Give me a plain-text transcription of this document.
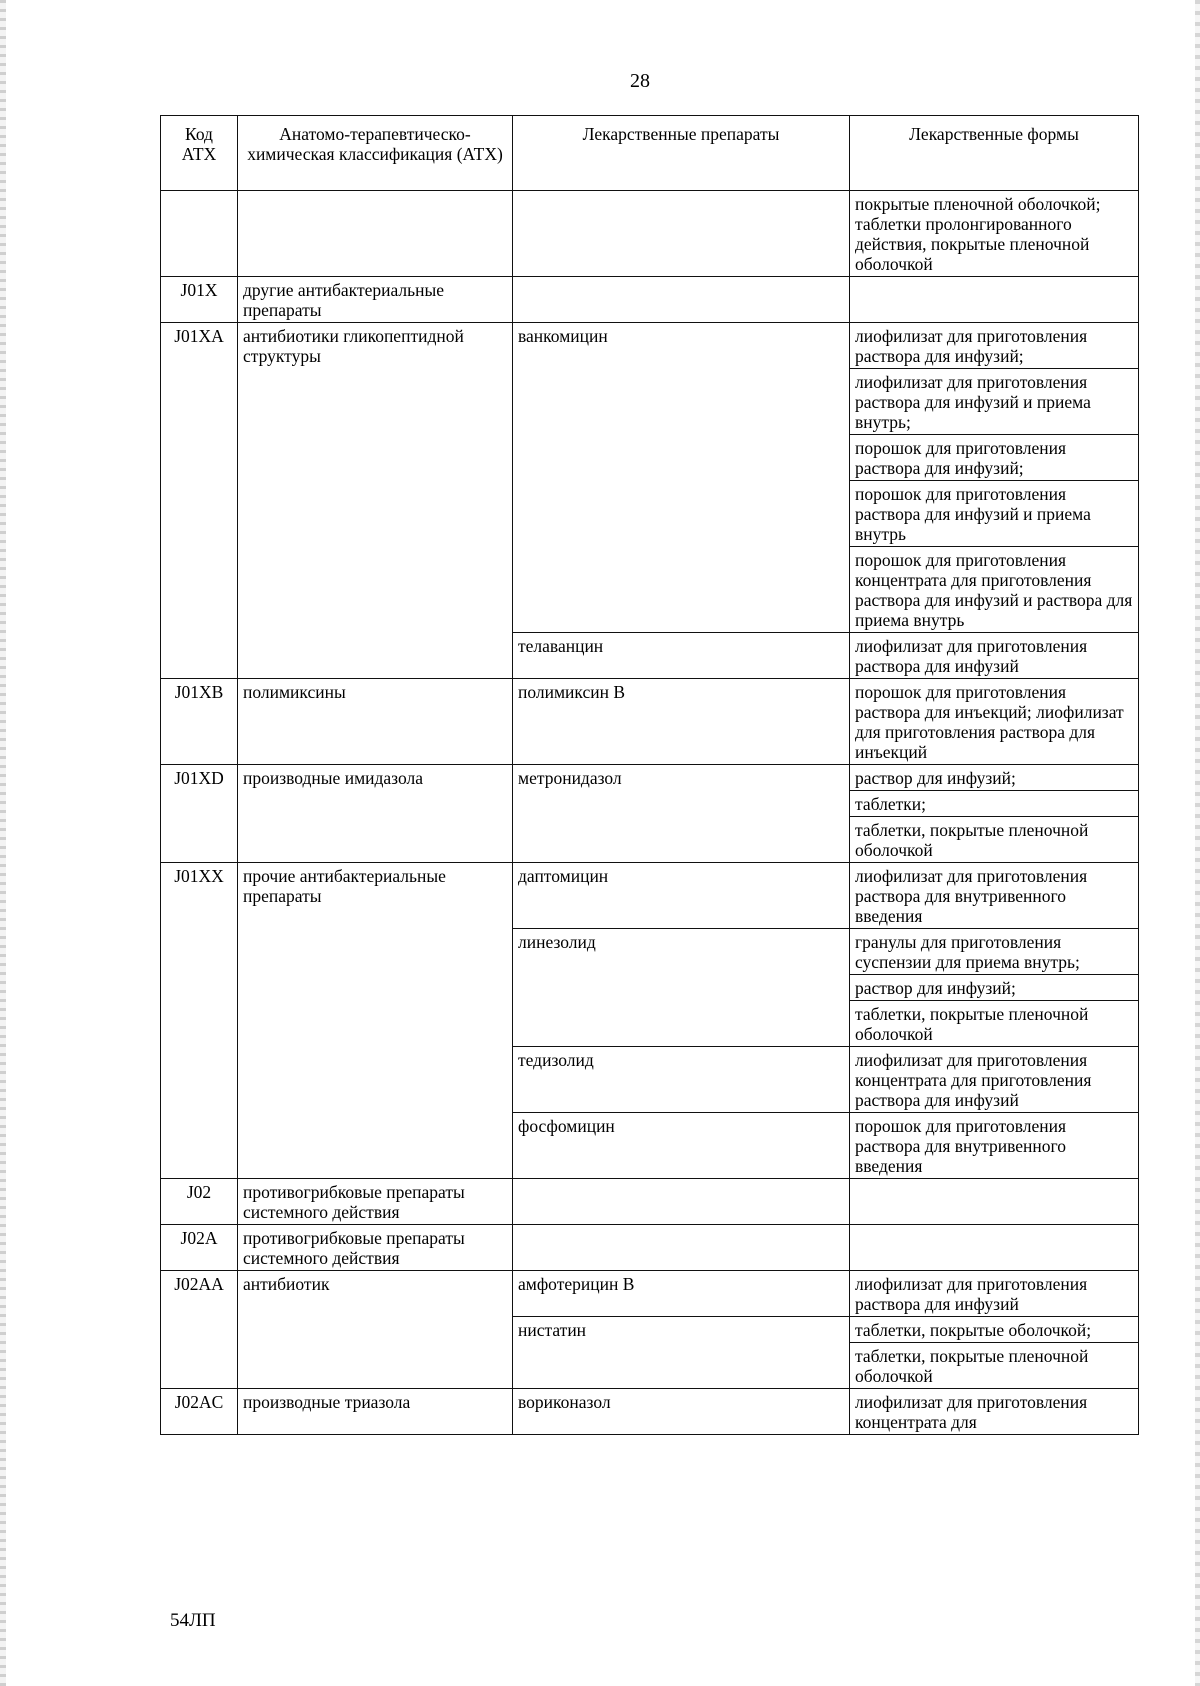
28
Код АТХ	Анатомо-терапевтическо-химическая классификация (АТХ)	Лекарственные препараты	Лекарственные формы
			покрытые пленочной оболочкой; таблетки пролонгированного действия, покрытые пленочной оболочкой
J01X	другие антибактериальные препараты		
J01XA	антибиотики гликопептидной структуры	ванкомицин	лиофилизат для приготовления раствора для инфузий;
			лиофилизат для приготовления раствора для инфузий и приема внутрь;
			порошок для приготовления раствора для инфузий;
			порошок для приготовления раствора для инфузий и приема внутрь
			порошок для приготовления концентрата для приготовления раствора для инфузий и раствора для приема внутрь
		телаванцин	лиофилизат для приготовления раствора для инфузий
J01XB	полимиксины	полимиксин В	порошок для приготовления раствора для инъекций; лиофилизат для приготовления раствора для инъекций
J01XD	производные имидазола	метронидазол	раствор для инфузий;
			таблетки;
			таблетки, покрытые пленочной оболочкой
J01XX	прочие антибактериальные препараты	даптомицин	лиофилизат для приготовления раствора для внутривенного введения
		линезолид	гранулы для приготовления суспензии для приема внутрь;
			раствор для инфузий;
			таблетки, покрытые пленочной оболочкой
		тедизолид	лиофилизат для приготовления концентрата для приготовления раствора для инфузий
		фосфомицин	порошок для приготовления раствора для внутривенного введения
J02	противогрибковые препараты системного действия		
J02A	противогрибковые препараты системного действия		
J02AA	антибиотик	амфотерицин В	лиофилизат для приготовления раствора для инфузий
		нистатин	таблетки, покрытые оболочкой;
			таблетки, покрытые пленочной оболочкой
J02AC	производные триазола	вориконазол	лиофилизат для приготовления концентрата для
54ЛП
